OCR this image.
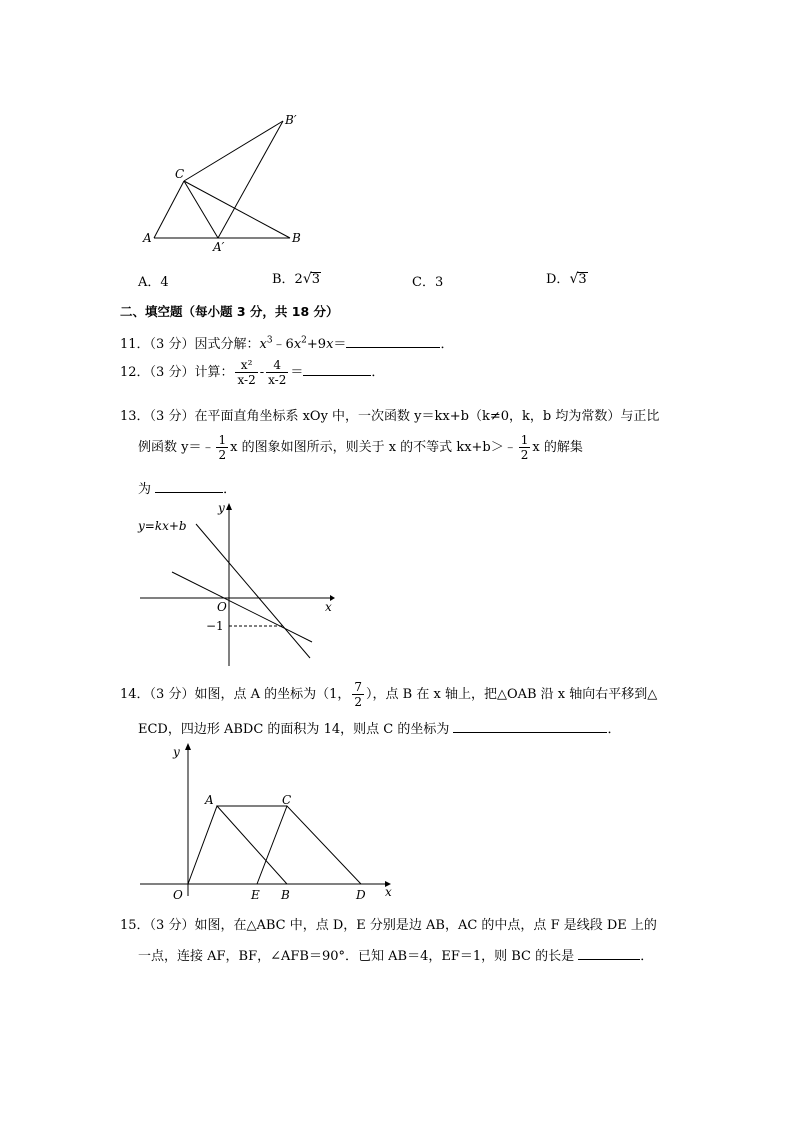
A	B
C
A′
B′
A．4	B．2√3	C．3	D．√3
二、填空题（每小题 3 分，共 18 分）
11．（3 分）因式分解：$x^3﹣6x^2+9x=$	．
12．（3 分）计算： $\frac{\text{x²}}{x-2} - \frac{4}{x-2}$ ＝	．
13．（3 分）在平面直角坐标系 xOy 中，一次函数 y＝kx+b（k≠0，k，b 均为常数）与正比
例函数 y＝﹣ $\frac{1}{2}$ x 的图象如图所示，则关于 x 的不等式 kx+b＞﹣ $\frac{1}{2}$ x 的解集
为	．
y=kx+b
y
x
O
−1
14．（3 分）如图，点 A 的坐标为（1， $\frac{7}{2}$ ），点 B 在 x 轴上，把△OAB 沿 x 轴向右平移到△
ECD，四边形 ABDC 的面积为 14，则点 C 的坐标为	．
y
x
O
A	C
E B	D
15．（3 分）如图，在△ABC 中，点 D，E 分别是边 AB，AC 的中点，点 F 是线段 DE 上的
一点，连接 AF，BF，∠AFB＝90°．已知 AB＝4，EF＝1，则 BC 的长是	．
